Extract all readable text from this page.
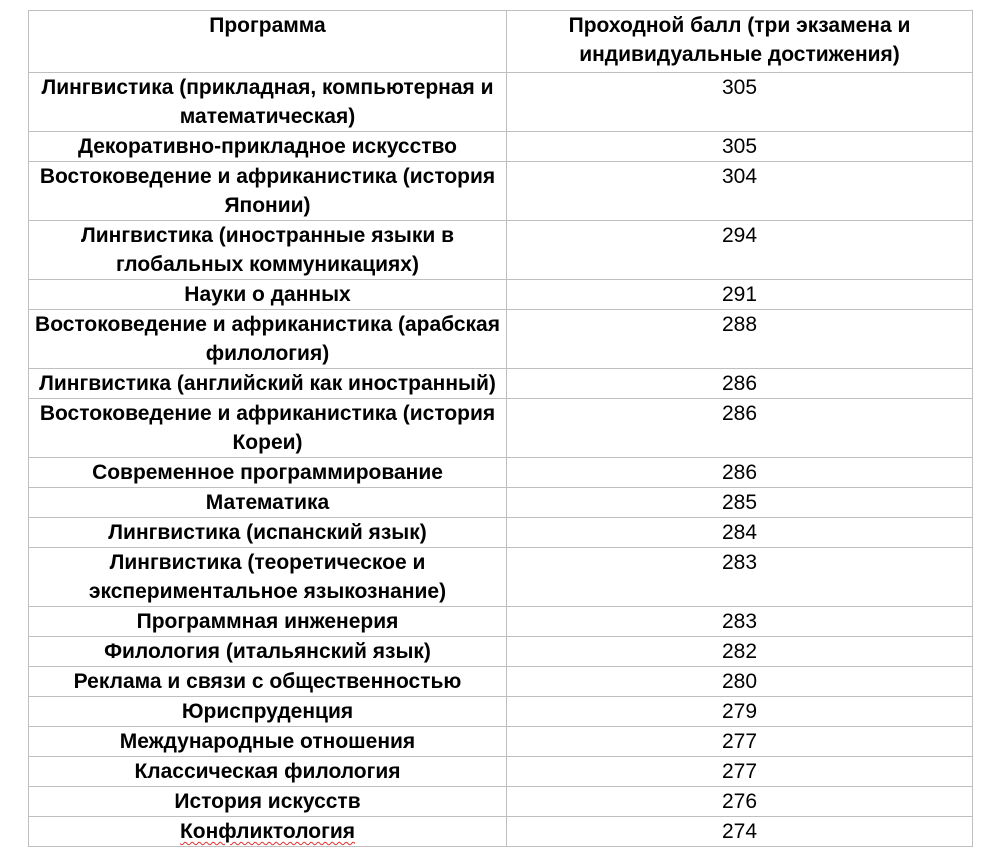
Программа	Проходной балл (три экзамена и индивидуальные достижения)
Лингвистика (прикладная, компьютерная и математическая)	305
Декоративно-прикладное искусство	305
Востоковедение и африканистика (история Японии)	304
Лингвистика (иностранные языки в глобальных коммуникациях)	294
Науки о данных	291
Востоковедение и африканистика (арабская филология)	288
Лингвистика (английский как иностранный)	286
Востоковедение и африканистика (история Кореи)	286
Современное программирование	286
Математика	285
Лингвистика (испанский язык)	284
Лингвистика (теоретическое и экспериментальное языкознание)	283
Программная инженерия	283
Филология (итальянский язык)	282
Реклама и связи с общественностью	280
Юриспруденция	279
Международные отношения	277
Классическая филология	277
История искусств	276
Конфликтология	274
